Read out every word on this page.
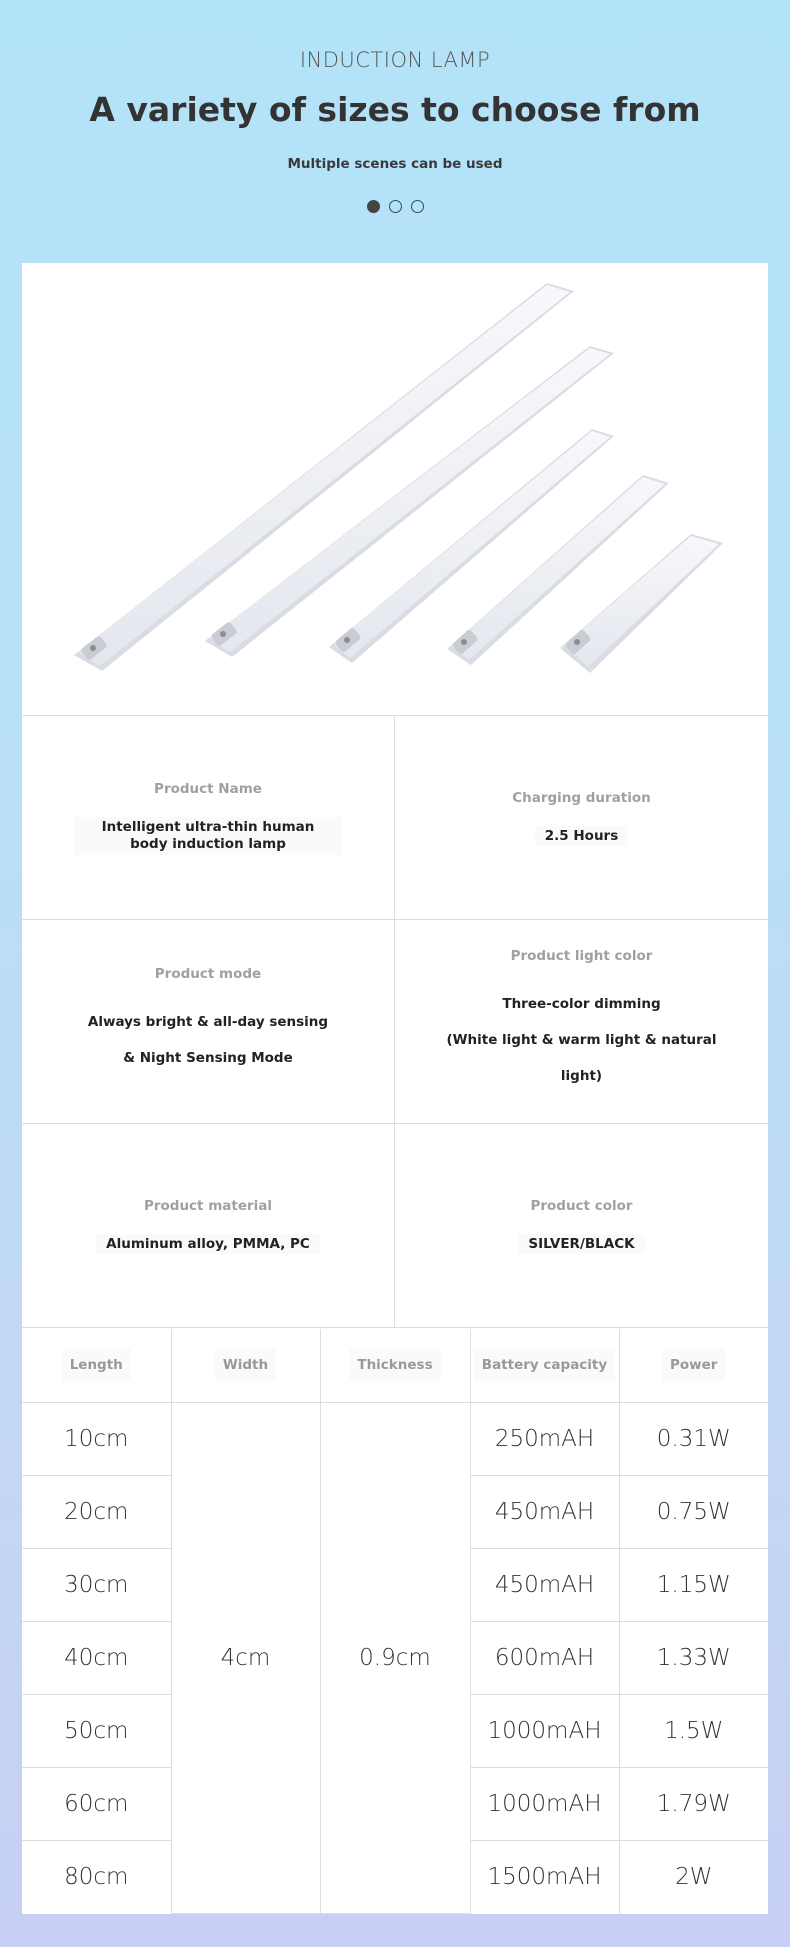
INDUCTION LAMP
A variety of sizes to choose from
Multiple scenes can be used
Product Name
Intelligent ultra-thin human body induction lamp
Charging duration
2.5 Hours
Product mode
Always bright & all-day sensing
& Night Sensing Mode
Product light color
Three-color dimming
(White light & warm light & natural light)
Product material
Aluminum alloy, PMMA, PC
Product color
SILVER/BLACK
Length	Width	Thickness	Battery capacity	Power
10cm	4cm	0.9cm	250mAH	0.31W
20cm			450mAH	0.75W
30cm			450mAH	1.15W
40cm			600mAH	1.33W
50cm			1000mAH	1.5W
60cm			1000mAH	1.79W
80cm			1500mAH	2W
